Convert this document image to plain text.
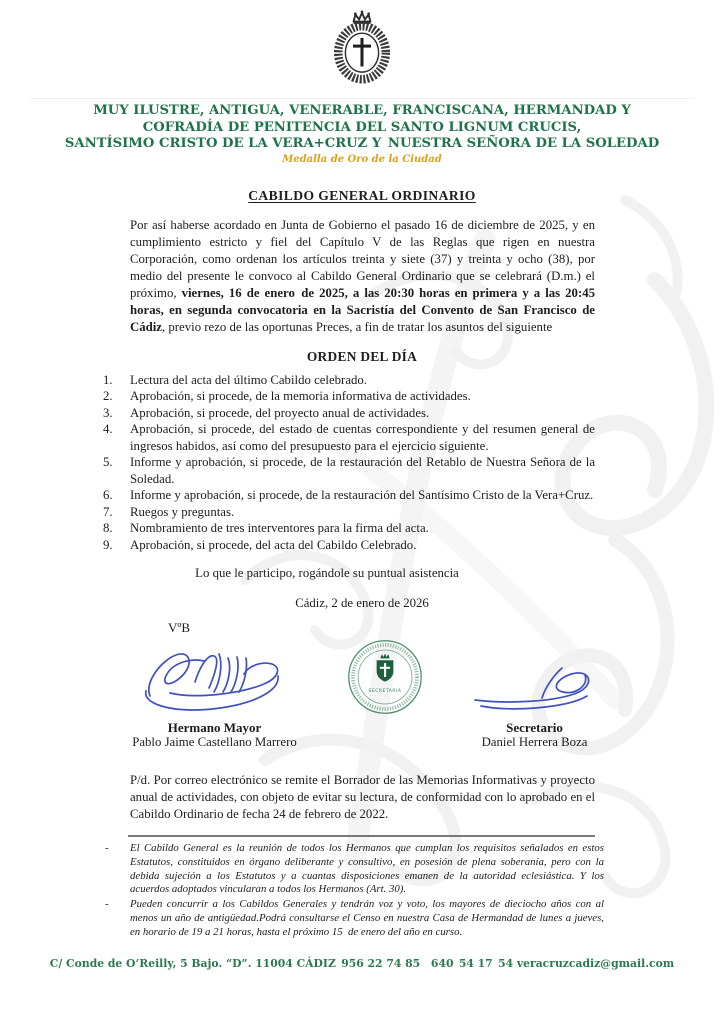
MUY ILUSTRE, ANTIGUA, VENERABLE, FRANCISCANA, HERMANDAD Y
COFRADÍA DE PENITENCIA DEL SANTO LIGNUM CRUCIS,
SANTÍSIMO CRISTO DE LA VERA+CRUZ Y NUESTRA SEÑORA DE LA SOLEDAD
Medalla de Oro de la Ciudad
CABILDO GENERAL ORDINARIO

Por así haberse acordado en Junta de Gobierno el pasado 16 de diciembre de 2025, y en cumplimiento estricto y fiel del Capítulo V de las Reglas que rigen en nuestra Corporación, como ordenan los artículos treinta y siete (37) y treinta y ocho (38), por medio del presente le convoco al Cabildo General Ordinario que se celebrará (D.m.) el próximo, viernes, 16 de enero de 2025, a las 20:30 horas en primera y a las 20:45 horas, en segunda convocatoria en la Sacristía del Convento de San Francisco de Cádiz, previo rezo de las oportunas Preces, a fin de tratar los asuntos del siguiente

ORDEN DEL DÍA
Lectura del acta del último Cabildo celebrado.
Aprobación, si procede, de la memoria informativa de actividades.
Aprobación, si procede, del proyecto anual de actividades.
Aprobación, si procede, del estado de cuentas correspondiente y del resumen general de ingresos habidos, así como del presupuesto para el ejercicio siguiente.
Informe y aprobación, si procede, de la restauración del Retablo de Nuestra Señora de la Soledad.
Informe y aprobación, si procede, de la restauración del Santísimo Cristo de la Vera+Cruz.
Ruegos y preguntas.
Nombramiento de tres interventores para la firma del acta.
Aprobación, si procede, del acta del Cabildo Celebrado.

Lo que le participo, rogándole su puntual asistencia

Cádiz, 2 de enero de 2026

VºB

Hermano Mayor
Pablo Jaime Castellano Marrero
SECRETARIA
Secretario
Daniel Herrera Boza

P/d. Por correo electrónico se remite el Borrador de las Memorias Informativas y proyecto anual de actividades, con objeto de evitar su lectura, de conformidad con lo aprobado en el Cabildo Ordinario de fecha 24 de febrero de 2022.

-	El Cabildo General es la reunión de todos los Hermanos que cumplan los requisitos señalados en estos Estatutos, constituidos en órgano deliberante y consultivo, en posesión de plena soberanía, pero con la debida sujeción a los Estatutos y a cuantas disposiciones emanen de la autoridad eclesiástica. Y los acuerdos adoptados vincularan a todos los Hermanos (Art. 30).
-	Pueden concurrir a los Cabildos Generales y tendrán voz y voto, los mayores de dieciocho años con al menos un año de antigüedad.Podrá consultarse el Censo en nuestra Casa de Hermandad de lunes a jueves, en horario de 19 a 21 horas, hasta el próximo 15 de enero del año en curso.
C/ Conde de O’Reilly, 5 Bajo. “D”. 11004 CÁDIZ 956 22 74 85  640 54 17 54 veracruzcadiz@gmail.com
